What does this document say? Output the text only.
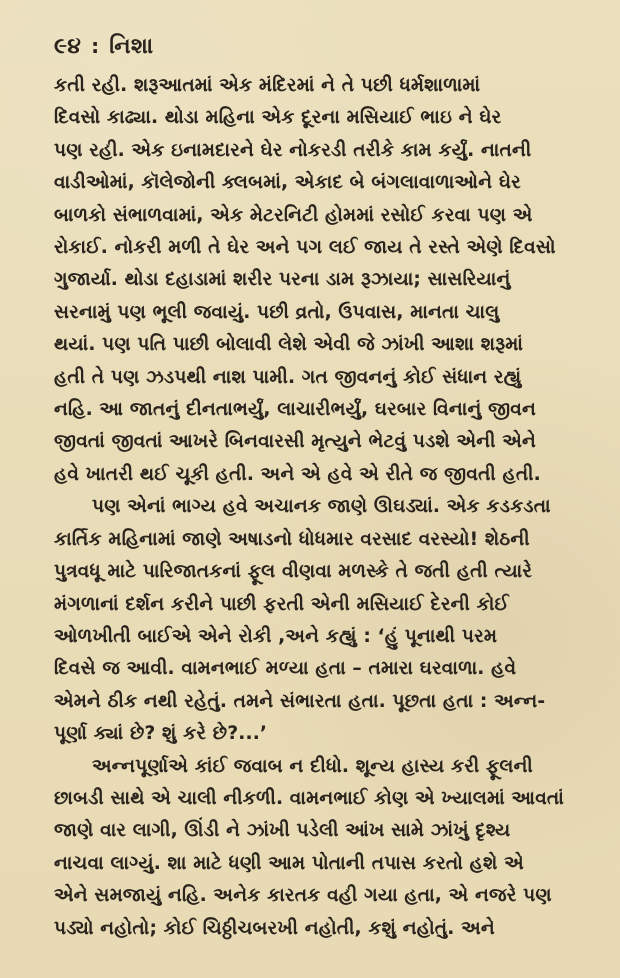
૯૪ : નિશા
કતી રહી. શરૂઆતમાં એક મંદિરમાં ને તે પછી ધર્મશાળામાં
દિવસો કાઢ્યા. થોડા મહિના એક દૂરના મસિયાઈ ભાઇ ને ઘેર
પણ રહી. એક ઇનામદારને ઘેર નોકરડી તરીકે કામ કર્યું. નાતની
વાડીઓમાં, કૉલેજોની ક્લબમાં, એકાદ બે બંગલાવાળાઓને ઘેર
બાળકો સંભાળવામાં, એક મેટરનિટી હોમમાં રસોઈ કરવા પણ એ
રોકાઈ. નોકરી મળી તે ઘેર અને પગ લઈ જાય તે રસ્તે એણે દિવસો
ગુજાર્યા. થોડા દહાડામાં શરીર પરના ડામ રૂઝાયા; સાસરિયાનું
સરનામું પણ ભૂલી જવાયું. પછી વ્રતો, ઉપવાસ, માનતા ચાલુ
થયાં. પણ પતિ પાછી બોલાવી લેશે એવી જે ઝાંખી આશા શરૂમાં
હતી તે પણ ઝડપથી નાશ પામી. ગત જીવનનું કોઈ સંધાન રહ્યું
નહિ. આ જાતનું દીનતાભર્યું, લાચારીભર્યું, ઘરબાર વિનાનું જીવન
જીવતાં જીવતાં આખરે બિનવારસી મૃત્યુને ભેટવું પડશે એની એને
હવે ખાતરી થઈ ચૂકી હતી. અને એ હવે એ રીતે જ જીવતી હતી.
પણ એનાં ભાગ્ય હવે અચાનક જાણે ઊઘડ્યાં. એક કડકડતા
કાર્તિક મહિનામાં જાણે અષાડનો ધોધમાર વરસાદ વરસ્યો! શેઠની
પુત્રવધૂ માટે પારિજાતકનાં ફૂલ વીણવા મળસ્કે તે જતી હતી ત્યારે
મંગળાનાં દર્શન કરીને પાછી ફરતી એની મસિયાઈ દેરની કોઈ
ઓળખીતી બાઈએ એને રોકી ,અને કહ્યું : ‘હું પૂનાથી પરમ
દિવસે જ આવી. વામનભાઈ મળ્યા હતા – તમારા ઘરવાળા. હવે
એમને ઠીક નથી રહેતું. તમને સંભારતા હતા. પૂછતા હતા : અન્ન-
પૂર્ણા ક્યાં છે? શું કરે છે?...’
અન્નપૂર્ણાએ કાંઈ જવાબ ન દીધો. શૂન્ય હાસ્ય કરી ફૂલની
છાબડી સાથે એ ચાલી નીકળી. વામનભાઈ કોણ એ ખ્યાલમાં આવતાં
જાણે વાર લાગી, ઊંડી ને ઝાંખી પડેલી આંખ સામે ઝાંખું દૃશ્ય
નાચવા લાગ્યું. શા માટે ધણી આમ પોતાની તપાસ કરતો હશે એ
એને સમજાયું નહિ. અનેક કારતક વહી ગયા હતા, એ નજરે પણ
પડ્યો નહોતો; કોઈ ચિઠ્ઠીચબરખી નહોતી, કશું નહોતું. અને
